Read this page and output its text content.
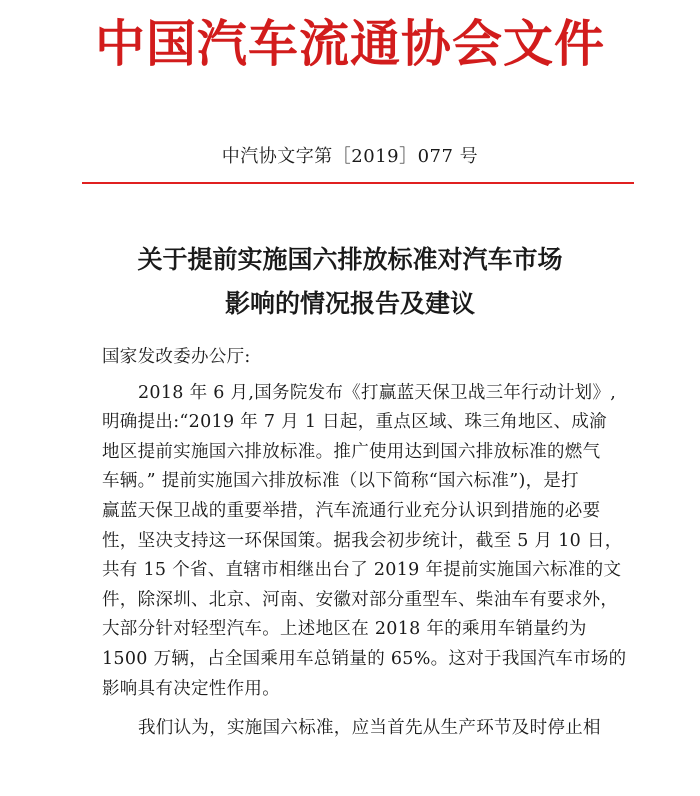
中国汽车流通协会文件
中汽协文字第［2019］077 号
关于提前实施国六排放标准对汽车市场
影响的情况报告及建议
国家发改委办公厅:
2018 年 6 月,国务院发布《打赢蓝天保卫战三年行动计划》,
明确提出:“2019 年 7 月 1 日起，重点区域、珠三角地区、成渝
地区提前实施国六排放标准。推广使用达到国六排放标准的燃气
车辆。” 提前实施国六排放标准（以下简称“国六标准”)，是打
赢蓝天保卫战的重要举措，汽车流通行业充分认识到措施的必要
性，坚决支持这一环保国策。据我会初步统计，截至 5 月 10 日，
共有 15 个省、直辖市相继出台了 2019 年提前实施国六标准的文
件，除深圳、北京、河南、安徽对部分重型车、柴油车有要求外，
大部分针对轻型汽车。上述地区在 2018 年的乘用车销量约为
1500 万辆，占全国乘用车总销量的 65%。这对于我国汽车市场的
影响具有决定性作用。
我们认为，实施国六标准，应当首先从生产环节及时停止相
